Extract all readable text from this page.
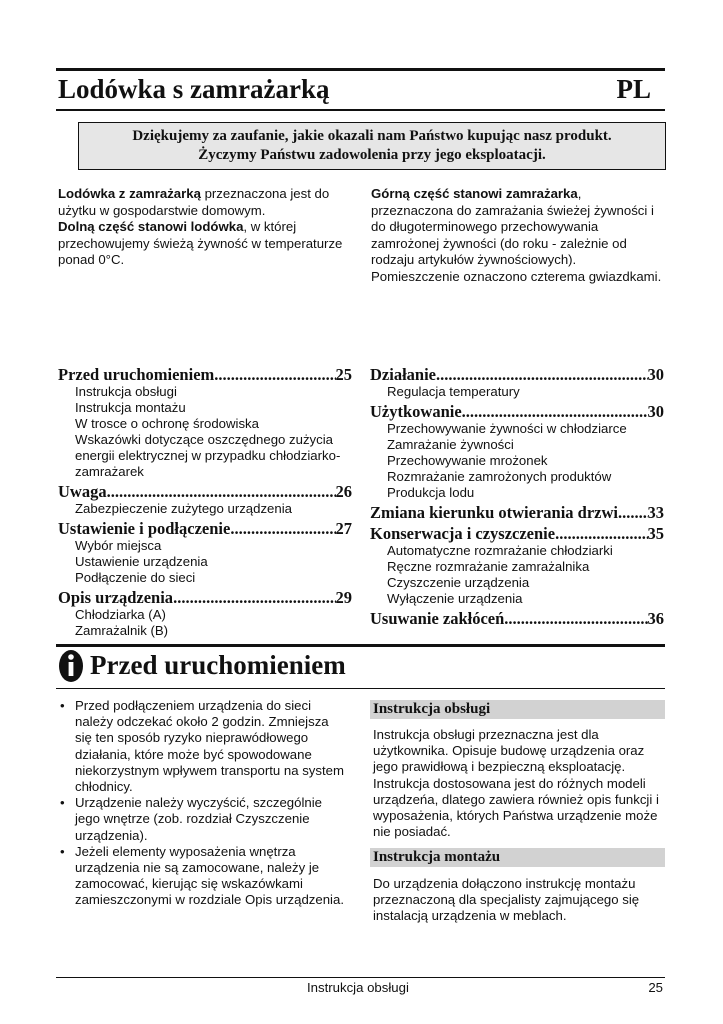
Lodówka s zamrażarką	PL
Dziękujemy za zaufanie, jakie okazali nam Państwo kupując nasz produkt.
Życzymy Państwu zadowolenia przy jego eksploatacji.
Lodówka z zamrażarką przeznaczona jest do użytku w gospodarstwie domowym.
Dolną część stanowi lodówka, w której przechowujemy świeżą żywność w temperaturze ponad 0°C.
Górną część stanowi zamrażarka, przeznaczona do zamrażania świeżej żywności i do długoterminowego przechowywania zamrożonej żywności (do roku - zależnie od rodzaju artykułów żywnościowych). Pomieszczenie oznaczono czterema gwiazdkami.
Przed uruchomieniem .....	25
Instrukcja obsługi
Instrukcja montażu
W trosce o ochronę środowiska
Wskazówki dotyczące oszczędnego zużycia energii elektrycznej w przypadku chłodziarko-zamrażarek
Uwaga .....	26
Zabezpieczenie zużytego urządzenia
Ustawienie i podłączenie .....	27
Wybór miejsca
Ustawienie urządzenia
Podłączenie do sieci
Opis urządzenia .....	29
Chłodziarka (A)
Zamrażalnik (B)
Działanie .....	30
Regulacja temperatury
Użytkowanie .....	30
Przechowywanie żywności w chłodziarce
Zamrażanie żywności
Przechowywanie mrożonek
Rozmrażanie zamrożonych produktów
Produkcja lodu
Zmiana kierunku otwierania drzwi ..... 33
Konserwacja i czyszczenie .....	35
Automatyczne rozmrażanie chłodziarki
Ręczne rozmrażanie zamrażalnika
Czyszczenie urządzenia
Wyłączenie urządzenia
Usuwanie zakłóceń .....	36
Przed uruchomieniem
• Przed podłączeniem urządzenia do sieci należy odczekać około 2 godzin. Zmniejsza się ten sposób ryzyko nieprawódłowego działania, które może być spowodowane niekorzystnym wpływem transportu na system chłodnicy.
• Urządzenie należy wyczyścić, szczególnie jego wnętrze (zob. rozdział Czyszczenie urządzenia).
• Jeżeli elementy wyposażenia wnętrza urządzenia nie są zamocowane, należy je zamocować, kierując się wskazówkami zamieszczonymi w rozdziale Opis urządzenia.
Instrukcja obsługi
Instrukcja obsługi przeznaczna jest dla użytkownika. Opisuje budowę urządzenia oraz jego prawidłową i bezpieczną eksploatację. Instrukcja dostosowana jest do różnych modeli urządzeńa, dlatego zawiera również opis funkcji i wyposażenia, których Państwa urządzenie może nie posiadać.
Instrukcja montażu
Do urządzenia dołączono instrukcję montażu przeznaczoną dla specjalisty zajmującego się instalacją urządzenia w meblach.
Instrukcja obsługi	25
